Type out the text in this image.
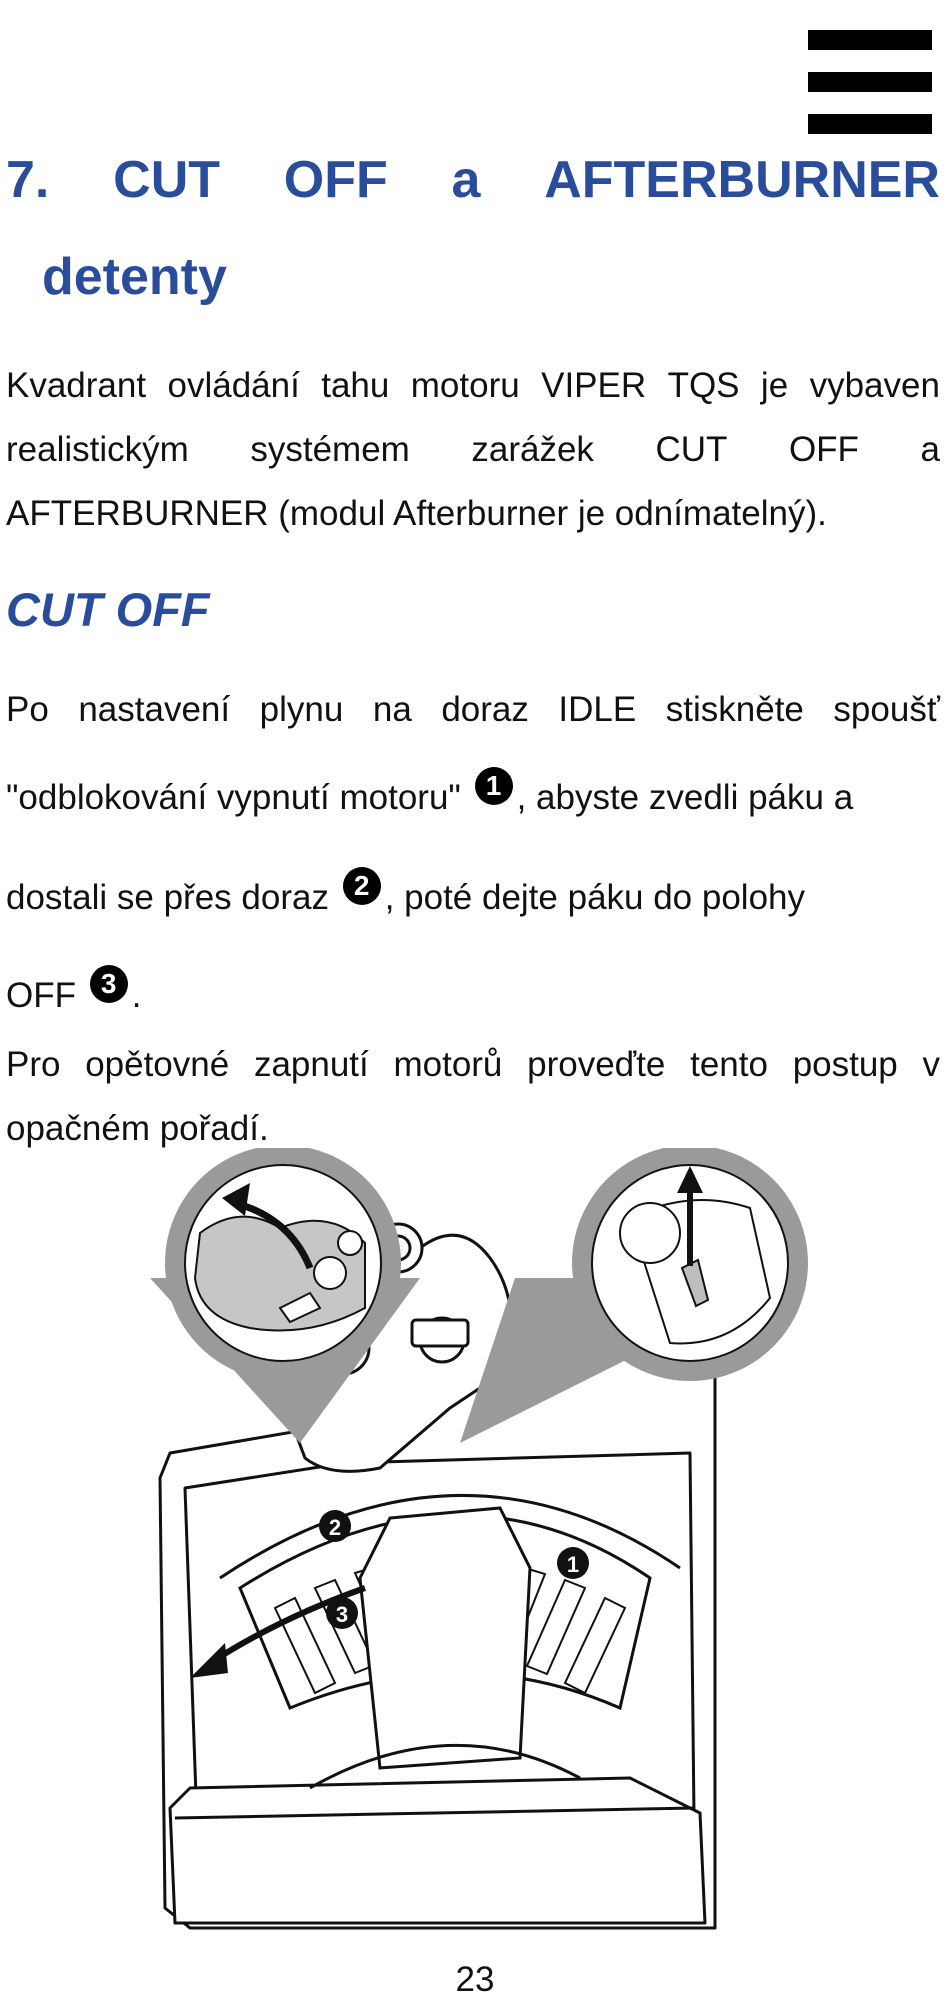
7. CUT OFF a AFTERBURNER
detenty
Kvadrant ovládání tahu motoru VIPER TQS je vybaven
realistickým systémem zarážek CUT OFF a
AFTERBURNER (modul Afterburner je odnímatelný).
CUT OFF
Po nastavení plynu na doraz IDLE stiskněte spoušť
"odblokování vypnutí motoru" 1 , abyste zvedli páku a
dostali se přes doraz 2 , poté dejte páku do polohy
OFF 3 .
Pro opětovné zapnutí motorů proveďte tento postup v
opačném pořadí.
1
2
3
23
